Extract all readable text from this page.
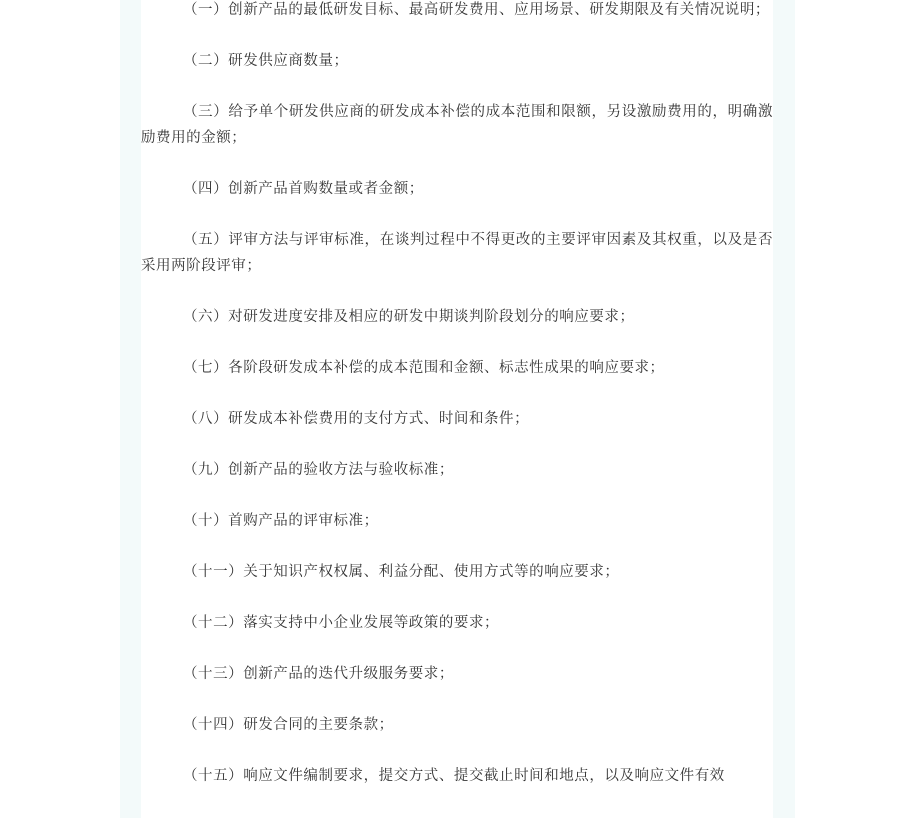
（一）创新产品的最低研发目标、最高研发费用、应用场景、研发期限及有关情况说明；

（二）研发供应商数量；

（三）给予单个研发供应商的研发成本补偿的成本范围和限额，另设激励费用的，明确激励费用的金额；

（四）创新产品首购数量或者金额；

（五）评审方法与评审标准，在谈判过程中不得更改的主要评审因素及其权重，以及是否采用两阶段评审；

（六）对研发进度安排及相应的研发中期谈判阶段划分的响应要求；

（七）各阶段研发成本补偿的成本范围和金额、标志性成果的响应要求；

（八）研发成本补偿费用的支付方式、时间和条件；

（九）创新产品的验收方法与验收标准；

（十）首购产品的评审标准；

（十一）关于知识产权权属、利益分配、使用方式等的响应要求；

（十二）落实支持中小企业发展等政策的要求；

（十三）创新产品的迭代升级服务要求；

（十四）研发合同的主要条款；

（十五）响应文件编制要求，提交方式、提交截止时间和地点，以及响应文件有效
